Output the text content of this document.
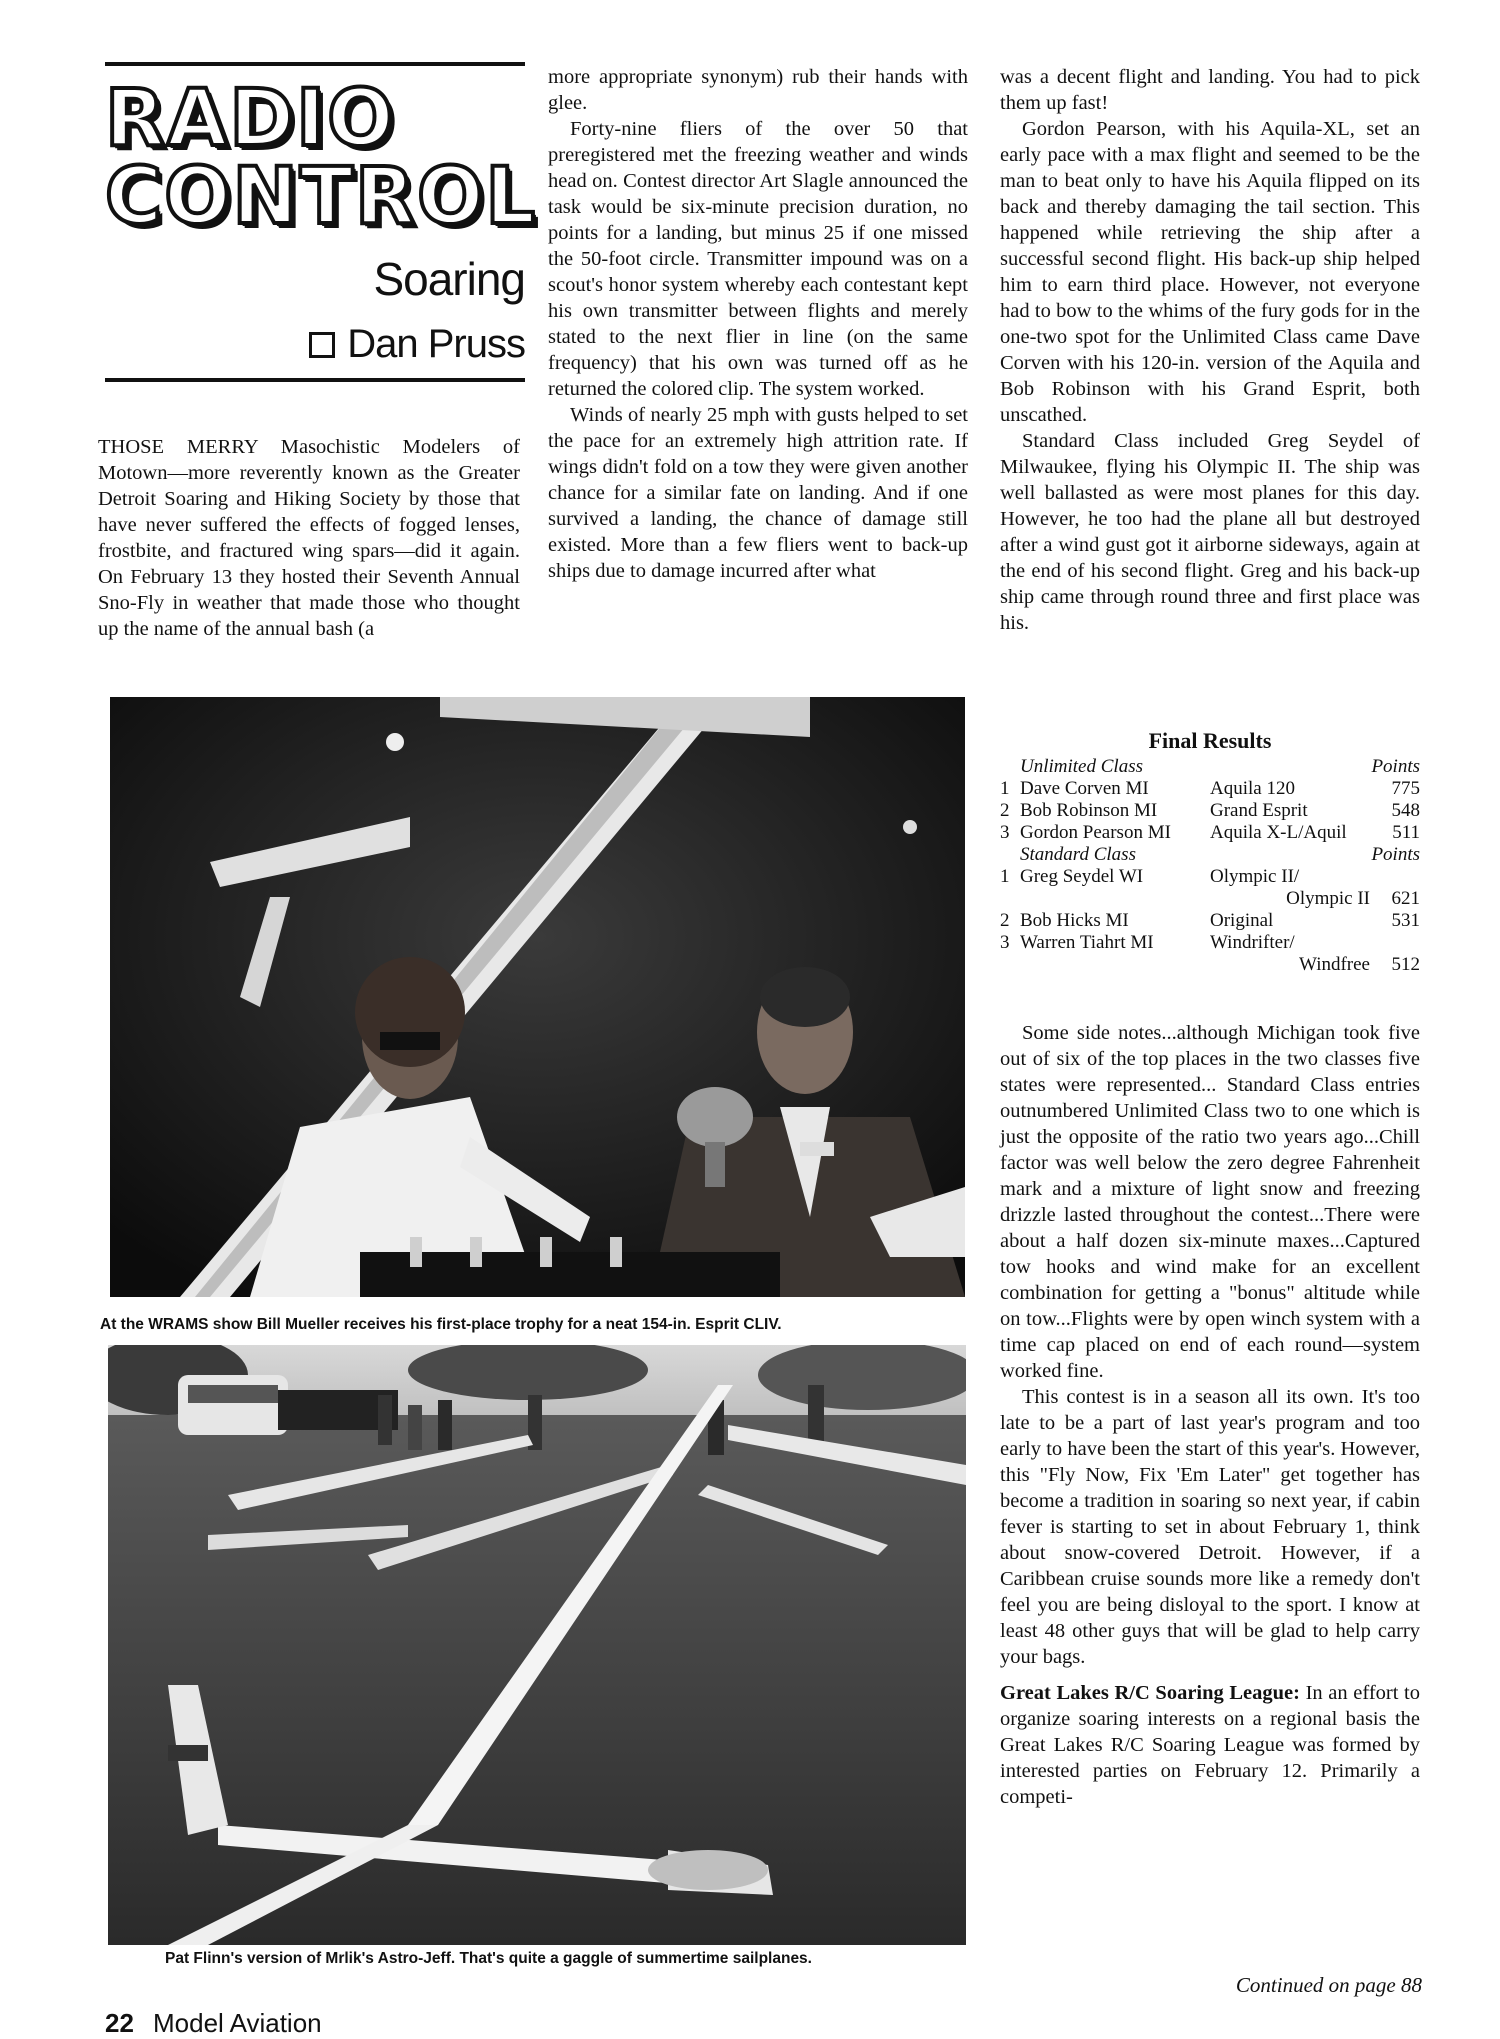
RADIO
CONTROL
Soaring
Dan Pruss

THOSE MERRY Masochistic Modelers of Motown—more reverently known as the Greater Detroit Soaring and Hiking Society by those that have never suffered the effects of fogged lenses, frostbite, and fractured wing spars—did it again. On February 13 they hosted their Seventh Annual Sno-Fly in weather that made those who thought up the name of the annual bash (a

more appropriate synonym) rub their hands with glee.

Forty-nine fliers of the over 50 that preregistered met the freezing weather and winds head on. Contest director Art Slagle announced the task would be six-minute precision duration, no points for a landing, but minus 25 if one missed the 50-foot circle. Transmitter impound was on a scout's honor system whereby each contestant kept his own transmitter between flights and merely stated to the next flier in line (on the same frequency) that his own was turned off as he returned the colored clip. The system worked.

Winds of nearly 25 mph with gusts helped to set the pace for an extremely high attrition rate. If wings didn't fold on a tow they were given another chance for a similar fate on landing. And if one survived a landing, the chance of damage still existed. More than a few fliers went to back-up ships due to damage incurred after what

was a decent flight and landing. You had to pick them up fast!

Gordon Pearson, with his Aquila-XL, set an early pace with a max flight and seemed to be the man to beat only to have his Aquila flipped on its back and thereby damaging the tail section. This happened while retrieving the ship after a successful second flight. His back-up ship helped him to earn third place. However, not everyone had to bow to the whims of the fury gods for in the one-two spot for the Unlimited Class came Dave Corven with his 120-in. version of the Aquila and Bob Robinson with his Grand Esprit, both unscathed.

Standard Class included Greg Seydel of Milwaukee, flying his Olympic II. The ship was well ballasted as were most planes for this day. However, he too had the plane all but destroyed after a wind gust got it airborne sideways, again at the end of his second flight. Greg and his back-up ship came through round three and first place was his.

At the WRAMS show Bill Mueller receives his first-place trophy for a neat 154-in. Esprit CLIV.
Pat Flinn's version of Mrlik's Astro-Jeff. That's quite a gaggle of summertime sailplanes.
Final Results
Unlimited Class	Points
1 Dave Corven MI	Aquila 120	775
2 Bob Robinson MI	Grand Esprit	548
3 Gordon Pearson MI	Aquila X-L/Aquil	511
Standard Class	Points
1 Greg Seydel WI	Olympic II/
Olympic II	621
2 Bob Hicks MI	Original	531
3 Warren Tiahrt MI	Windrifter/
Windfree	512

Some side notes...although Michigan took five out of six of the top places in the two classes five states were represented... Standard Class entries outnumbered Unlimited Class two to one which is just the opposite of the ratio two years ago...Chill factor was well below the zero degree Fahrenheit mark and a mixture of light snow and freezing drizzle lasted throughout the contest...There were about a half dozen six-minute maxes...Captured tow hooks and wind make for an excellent combination for getting a "bonus" altitude while on tow...Flights were by open winch system with a time cap placed on end of each round—system worked fine.

This contest is in a season all its own. It's too late to be a part of last year's program and too early to have been the start of this year's. However, this "Fly Now, Fix 'Em Later" get together has become a tradition in soaring so next year, if cabin fever is starting to set in about February 1, think about snow-covered Detroit. However, if a Caribbean cruise sounds more like a remedy don't feel you are being disloyal to the sport. I know at least 48 other guys that will be glad to help carry your bags.

Great Lakes R/C Soaring League: In an effort to organize soaring interests on a regional basis the Great Lakes R/C Soaring League was formed by interested parties on February 12. Primarily a competi-

Continued on page 88
22 Model Aviation
